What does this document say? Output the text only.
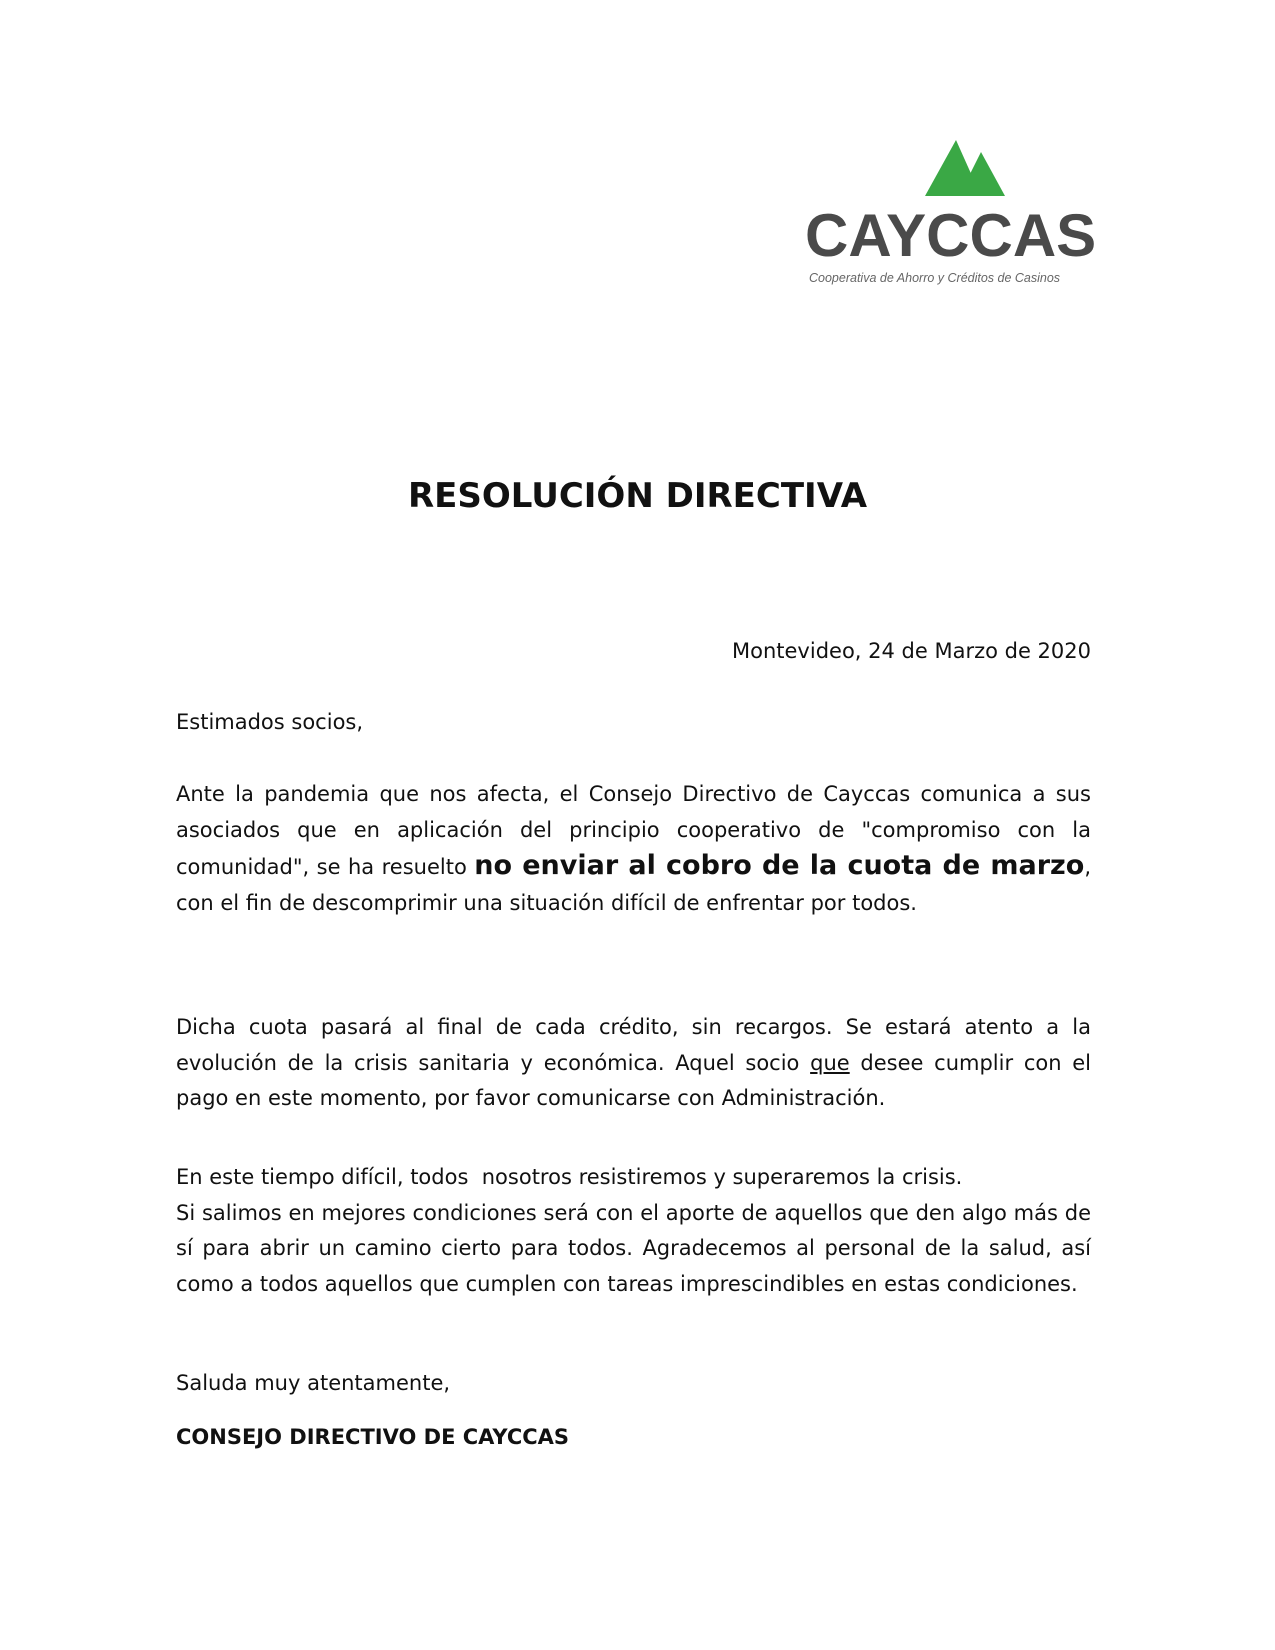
CAYCCAS
Cooperativa de Ahorro y Créditos de Casinos
RESOLUCIÓN DIRECTIVA
Montevideo, 24 de Marzo de 2020
Estimados socios,

Ante la pandemia que nos afecta, el Consejo Directivo de Cayccas comunica a sus asociados que en aplicación del principio cooperativo de "compromiso con la comunidad", se ha resuelto no enviar al cobro de la cuota de marzo, con el fin de descomprimir una situación difícil de enfrentar por todos.

Dicha cuota pasará al final de cada crédito, sin recargos. Se estará atento a la evolución de la crisis sanitaria y económica. Aquel socio que desee cumplir con el pago en este momento, por favor comunicarse con Administración.

En este tiempo difícil, todos  nosotros resistiremos y superaremos la crisis.
Si salimos en mejores condiciones será con el aporte de aquellos que den algo más de sí para abrir un camino cierto para todos. Agradecemos al personal de la salud, así como a todos aquellos que cumplen con tareas imprescindibles en estas condiciones.
Saluda muy atentamente,
CONSEJO DIRECTIVO DE CAYCCAS
